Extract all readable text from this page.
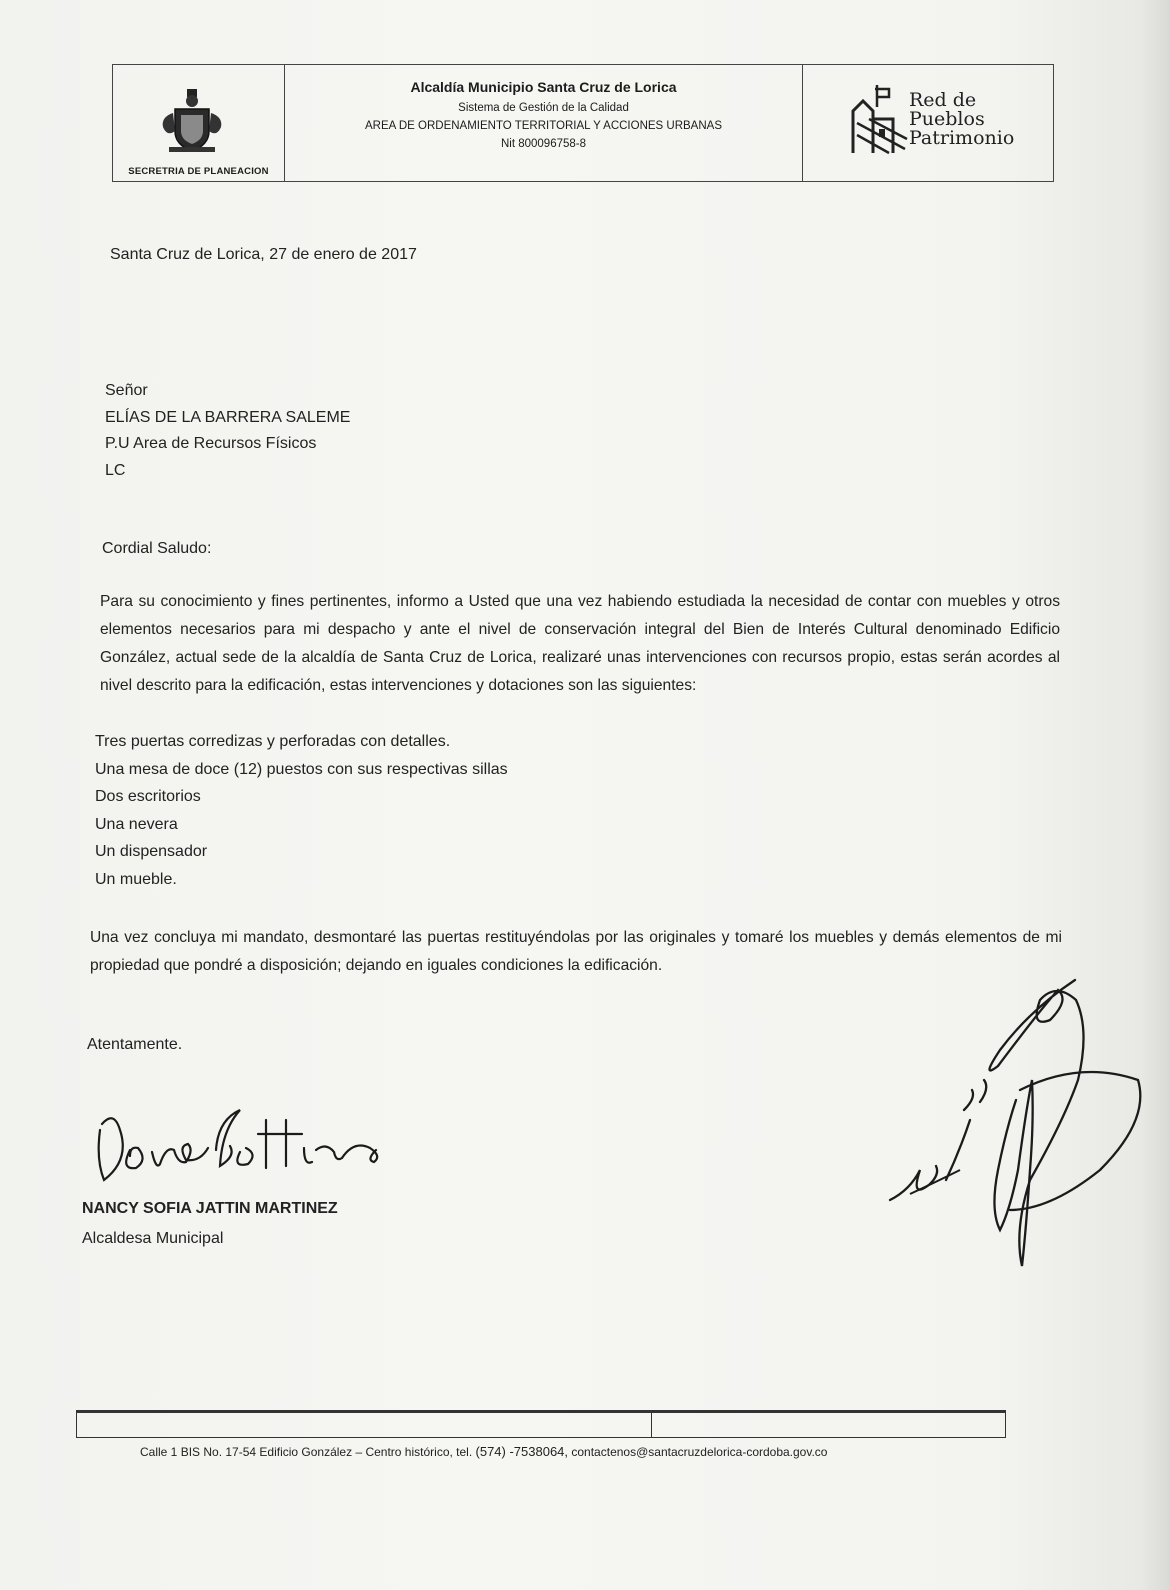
SECRETRIA DE PLANEACION
Alcaldía Municipio Santa Cruz de Lorica
Sistema de Gestión de la Calidad
AREA DE ORDENAMIENTO TERRITORIAL Y ACCIONES URBANAS
Nit 800096758-8
Red de
Pueblos
Patrimonio
Santa Cruz de Lorica, 27 de enero de 2017
Señor
ELÍAS DE LA BARRERA SALEME
P.U Area de Recursos Físicos
LC
Cordial Saludo:
Para su conocimiento y fines pertinentes, informo a Usted que una vez habiendo estudiada la necesidad de contar con muebles y otros elementos necesarios para mi despacho y ante el nivel de conservación integral del Bien de Interés Cultural denominado Edificio González, actual sede de la alcaldía de Santa Cruz de Lorica, realizaré unas intervenciones con recursos propio, estas serán acordes al nivel descrito para la edificación, estas intervenciones y dotaciones son las siguientes:
Tres puertas corredizas y perforadas con detalles.
Una mesa de doce (12) puestos con sus respectivas sillas
Dos escritorios
Una nevera
Un dispensador
Un mueble.
Una vez concluya mi mandato, desmontaré las puertas restituyéndolas por las originales y tomaré los muebles y demás elementos de mi propiedad que pondré a disposición; dejando en iguales condiciones la edificación.
Atentamente.
NANCY SOFIA JATTIN MARTINEZ
Alcaldesa Municipal
Calle 1 BIS No. 17-54 Edificio González – Centro histórico, tel. (574) -7538064, contactenos@santacruzdelorica-cordoba.gov.co
